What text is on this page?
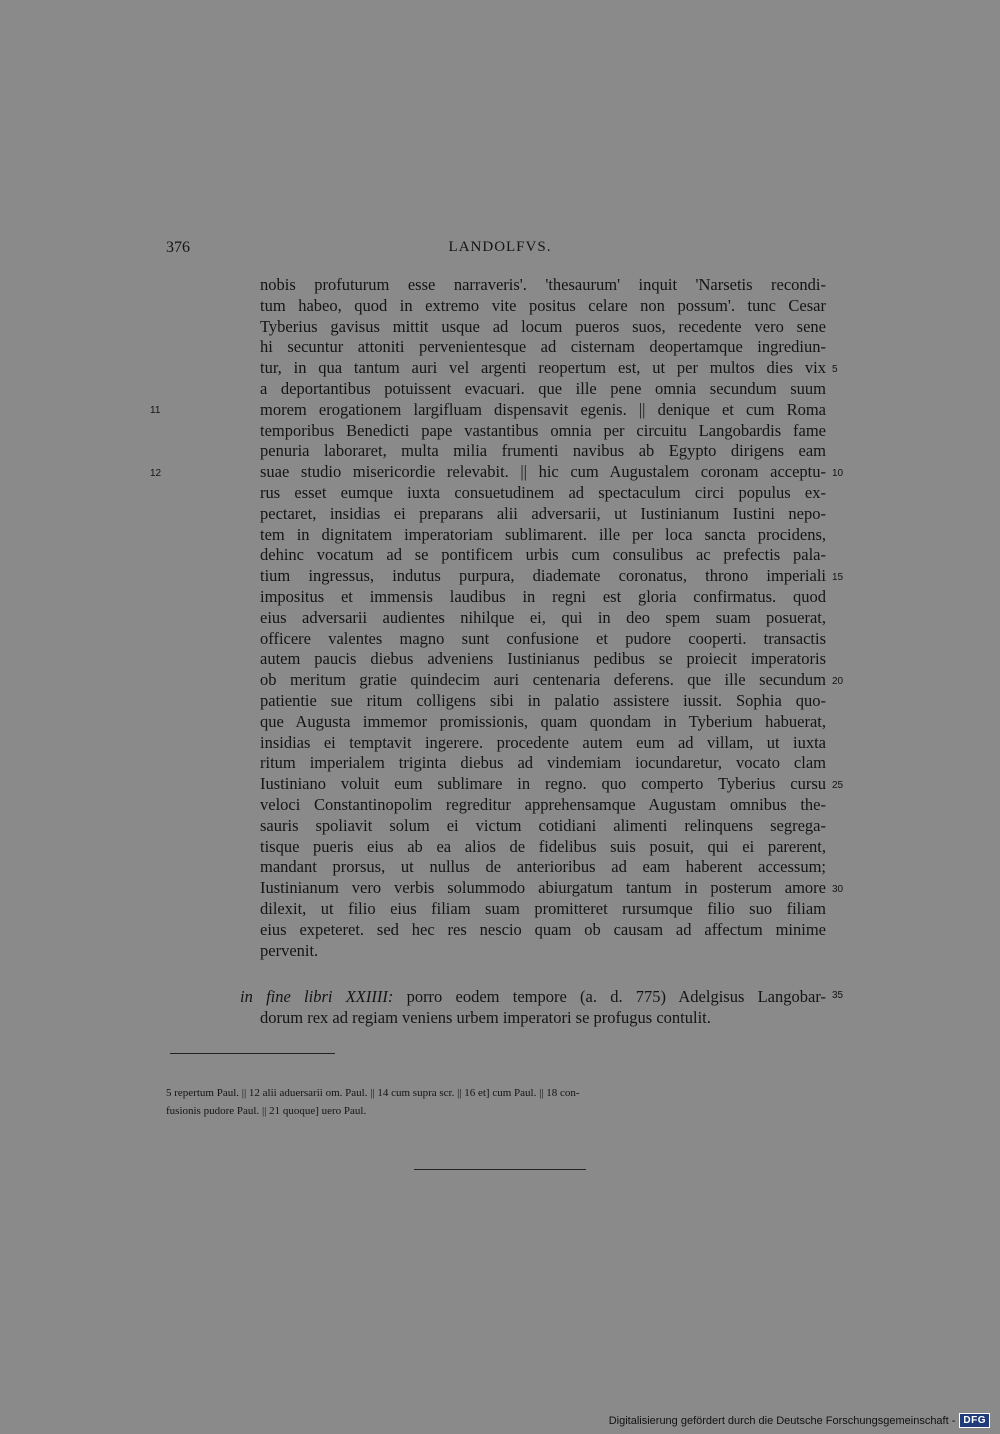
376	LANDOLFVS.
nobis profuturum esse narraveris'. 'thesaurum' inquit 'Narsetis recondi-
tum habeo, quod in extremo vite positus celare non possum'. tunc Cesar
Tyberius gavisus mittit usque ad locum pueros suos, recedente vero sene
hi secuntur attoniti pervenientesque ad cisternam deopertamque ingrediun-
tur, in qua tantum auri vel argenti reopertum est, ut per multos dies vix
a deportantibus potuissent evacuari. que ille pene omnia secundum suum
morem erogationem largifluam dispensavit egenis. || denique et cum Roma
temporibus Benedicti pape vastantibus omnia per circuitu Langobardis fame
penuria laboraret, multa milia frumenti navibus ab Egypto dirigens eam
suae studio misericordie relevabit. || hic cum Augustalem coronam acceptu-
rus esset eumque iuxta consuetudinem ad spectaculum circi populus ex-
pectaret, insidias ei preparans alii adversarii, ut Iustinianum Iustini nepo-
tem in dignitatem imperatoriam sublimarent. ille per loca sancta procidens,
dehinc vocatum ad se pontificem urbis cum consulibus ac prefectis pala-
tium ingressus, indutus purpura, diademate coronatus, throno imperiali
impositus et immensis laudibus in regni est gloria confirmatus. quod
eius adversarii audientes nihilque ei, qui in deo spem suam posuerat,
officere valentes magno sunt confusione et pudore cooperti. transactis
autem paucis diebus adveniens Iustinianus pedibus se proiecit imperatoris
ob meritum gratie quindecim auri centenaria deferens. que ille secundum
patientie sue ritum colligens sibi in palatio assistere iussit. Sophia quo-
que Augusta immemor promissionis, quam quondam in Tyberium habuerat,
insidias ei temptavit ingerere. procedente autem eum ad villam, ut iuxta
ritum imperialem triginta diebus ad vindemiam iocundaretur, vocato clam
Iustiniano voluit eum sublimare in regno. quo comperto Tyberius cursu
veloci Constantinopolim regreditur apprehensamque Augustam omnibus the-
sauris spoliavit solum ei victum cotidiani alimenti relinquens segrega-
tisque pueris eius ab ea alios de fidelibus suis posuit, qui ei parerent,
mandant prorsus, ut nullus de anterioribus ad eam haberent accessum;
Iustinianum vero verbis solummodo abiurgatum tantum in posterum amore
dilexit, ut filio eius filiam suam promitteret rursumque filio suo filiam
eius expeteret. sed hec res nescio quam ob causam ad affectum minime
pervenit.
11
12
5
10
15
20
25
30
35
in fine libri XXIIII: porro eodem tempore (a. d. 775) Adelgisus Langobar-
dorum rex ad regiam veniens urbem imperatori se profugus contulit.
5 repertum Paul. || 12 alii aduersarii om. Paul. || 14 cum supra scr. || 16 et] cum Paul. || 18 con-
fusionis pudore Paul. || 21 quoque] uero Paul.
Digitalisierung gefördert durch die Deutsche Forschungsgemeinschaft - DFG
